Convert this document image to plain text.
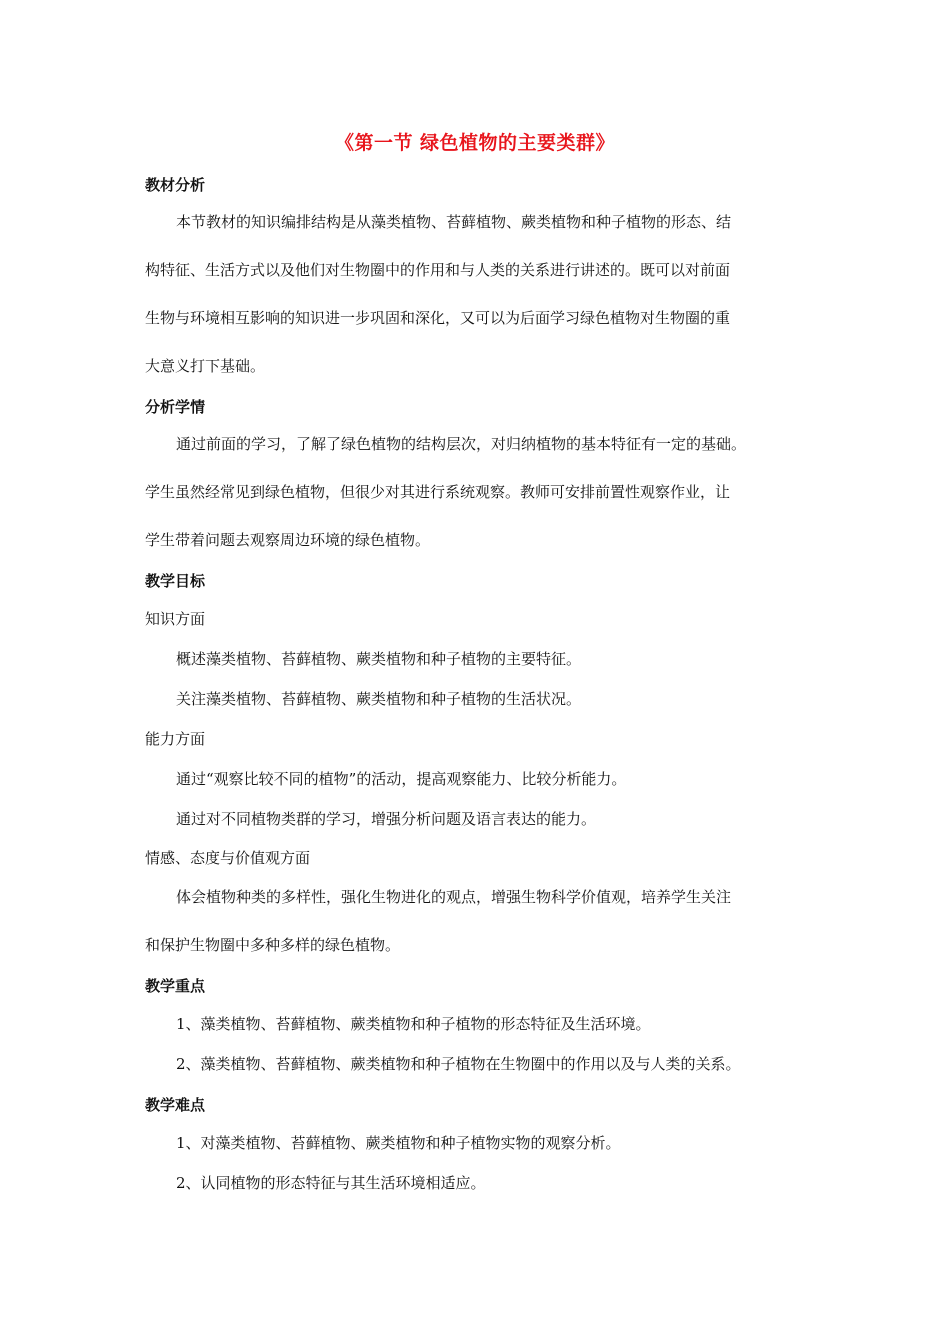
《第一节 绿色植物的主要类群》
教材分析
本节教材的知识编排结构是从藻类植物、苔藓植物、蕨类植物和种子植物的形态、结
构特征、生活方式以及他们对生物圈中的作用和与人类的关系进行讲述的。既可以对前面
生物与环境相互影响的知识进一步巩固和深化，又可以为后面学习绿色植物对生物圈的重
大意义打下基础。
分析学情
通过前面的学习，了解了绿色植物的结构层次，对归纳植物的基本特征有一定的基础。
学生虽然经常见到绿色植物，但很少对其进行系统观察。教师可安排前置性观察作业，让
学生带着问题去观察周边环境的绿色植物。
教学目标
知识方面
概述藻类植物、苔藓植物、蕨类植物和种子植物的主要特征。
关注藻类植物、苔藓植物、蕨类植物和种子植物的生活状况。
能力方面
通过“观察比较不同的植物”的活动，提高观察能力、比较分析能力。
通过对不同植物类群的学习，增强分析问题及语言表达的能力。
情感、态度与价值观方面
体会植物种类的多样性，强化生物进化的观点，增强生物科学价值观，培养学生关注
和保护生物圈中多种多样的绿色植物。
教学重点
1、藻类植物、苔藓植物、蕨类植物和种子植物的形态特征及生活环境。
2、藻类植物、苔藓植物、蕨类植物和种子植物在生物圈中的作用以及与人类的关系。
教学难点
1、对藻类植物、苔藓植物、蕨类植物和种子植物实物的观察分析。
2、认同植物的形态特征与其生活环境相适应。
